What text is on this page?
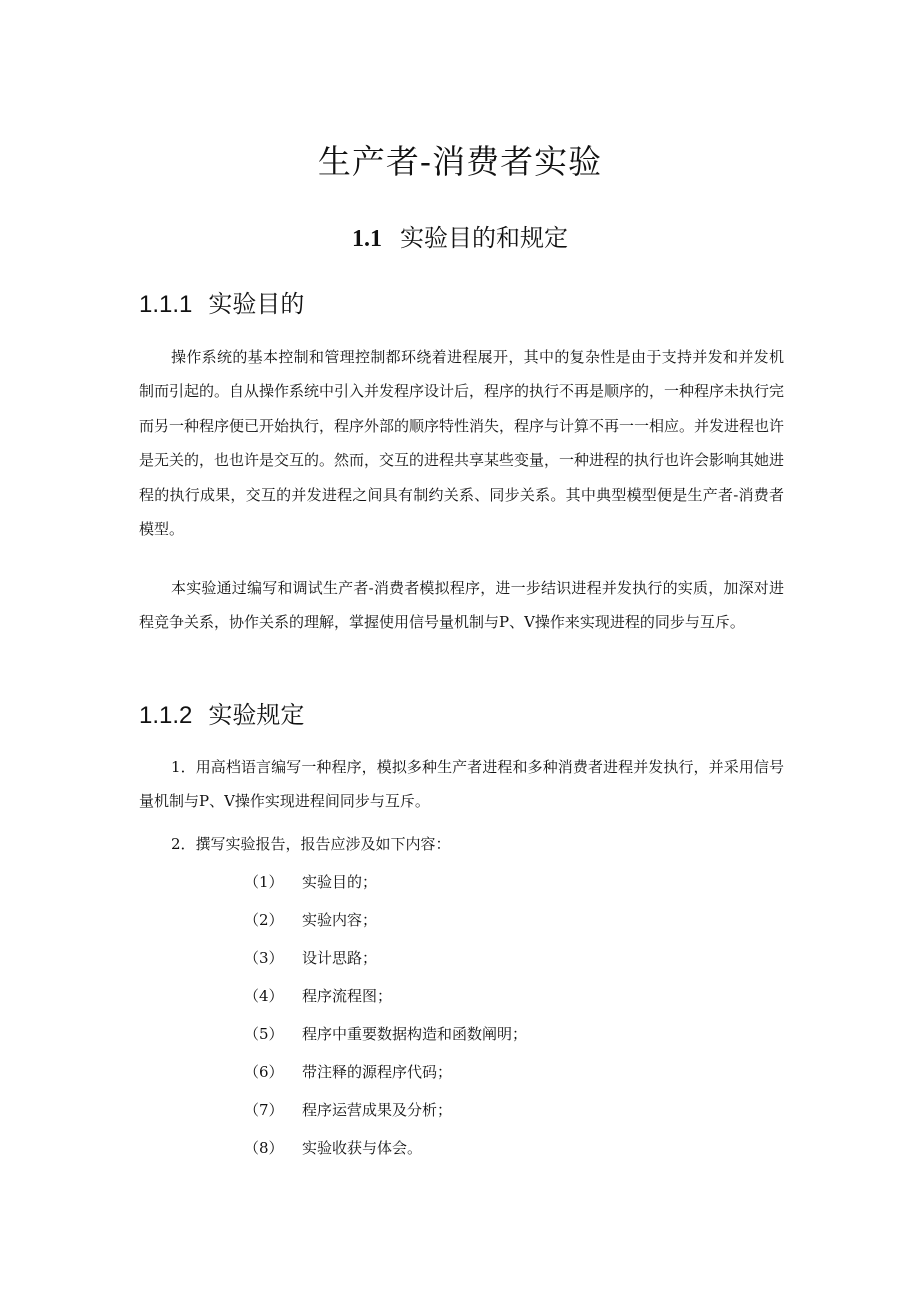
生产者-消费者实验
1.1 实验目的和规定
1.1.1 实验目的

操作系统的基本控制和管理控制都环绕着进程展开，其中的复杂性是由于支持并发和并发机制而引起的。自从操作系统中引入并发程序设计后，程序的执行不再是顺序的，一种程序未执行完而另一种程序便已开始执行，程序外部的顺序特性消失，程序与计算不再一一相应。并发进程也许是无关的，也也许是交互的。然而，交互的进程共享某些变量，一种进程的执行也许会影响其她进程的执行成果，交互的并发进程之间具有制约关系、同步关系。其中典型模型便是生产者-消费者模型。

本实验通过编写和调试生产者-消费者模拟程序，进一步结识进程并发执行的实质，加深对进程竞争关系，协作关系的理解，掌握使用信号量机制与P、V操作来实现进程的同步与互斥。

1.1.2 实验规定

1．用高档语言编写一种程序，模拟多种生产者进程和多种消费者进程并发执行，并采用信号量机制与P、V操作实现进程间同步与互斥。

2．撰写实验报告，报告应涉及如下内容：

（1） 实验目的；
（2） 实验内容；
（3） 设计思路；
（4） 程序流程图；
（5） 程序中重要数据构造和函数阐明；
（6） 带注释的源程序代码；
（7） 程序运营成果及分析；
（8） 实验收获与体会。
